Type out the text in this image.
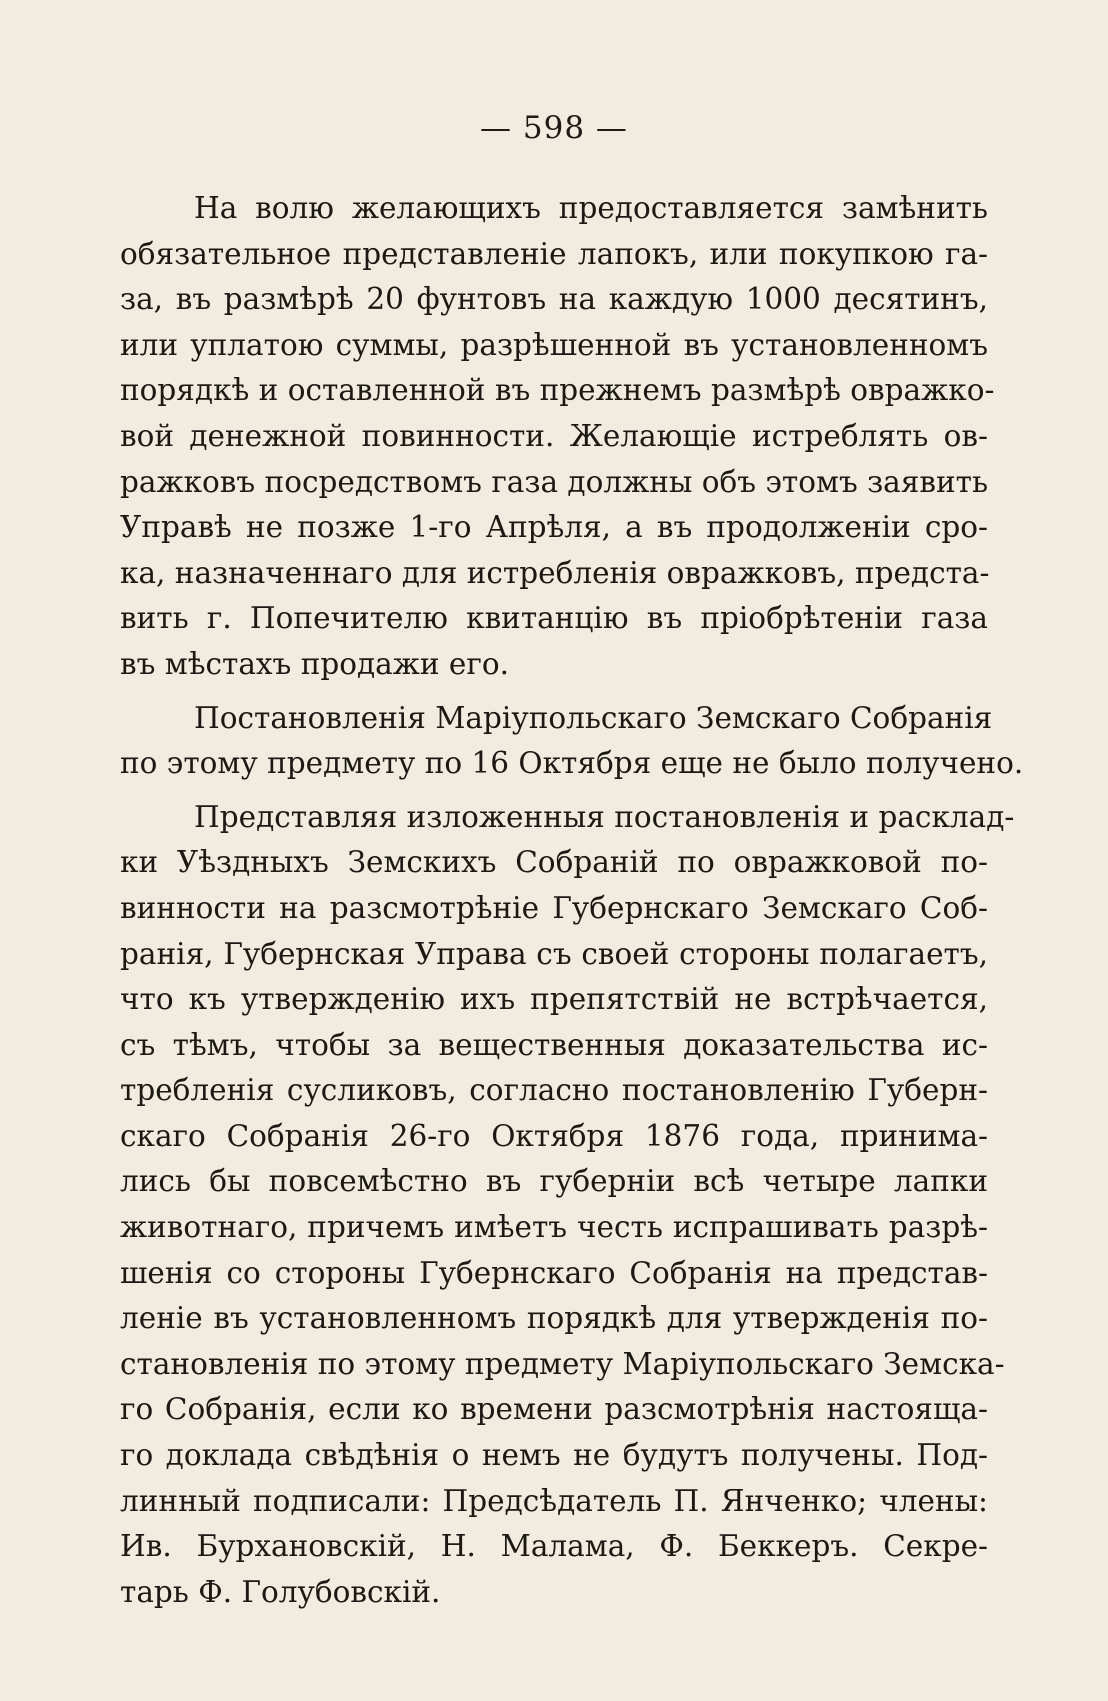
— 598 —
На волю желающихъ предоставляется замѣнить
обязательное представленіе лапокъ, или покупкою га-
за, въ размѣрѣ 20 фунтовъ на каждую 1000 десятинъ,
или уплатою суммы, разрѣшенной въ установленномъ
порядкѣ и оставленной въ прежнемъ размѣрѣ овражко-
вой денежной повинности. Желающіе истреблять ов-
ражковъ посредствомъ газа должны объ этомъ заявить
Управѣ не позже 1-го Апрѣля, а въ продолженіи сро-
ка, назначеннаго для истребленія овражковъ, предста-
вить г. Попечителю квитанцію въ пріобрѣтеніи газа
въ мѣстахъ продажи его.
Постановленія Маріупольскаго Земскаго Собранія
по этому предмету по 16 Октября еще не было получено.
Представляя изложенныя постановленія и расклад-
ки Уѣздныхъ Земскихъ Собраній по овражковой по-
винности на разсмотрѣніе Губернскаго Земскаго Соб-
ранія, Губернская Управа съ своей стороны полагаетъ,
что къ утвержденію ихъ препятствій не встрѣчается,
съ тѣмъ, чтобы за вещественныя доказательства ис-
требленія сусликовъ, согласно постановленію Губерн-
скаго Собранія 26-го Октября 1876 года, принима-
лись бы повсемѣстно въ губерніи всѣ четыре лапки
животнаго, причемъ имѣетъ честь испрашивать разрѣ-
шенія со стороны Губернскаго Собранія на представ-
леніе въ установленномъ порядкѣ для утвержденія по-
становленія по этому предмету Маріупольскаго Земска-
го Собранія, если ко времени разсмотрѣнія настояща-
го доклада свѣдѣнія о немъ не будутъ получены. Под-
линный подписали: Предсѣдатель П. Янченко; члены:
Ив. Бурхановскій, Н. Малама, Ф. Беккеръ. Секре-
тарь Ф. Голубовскій.
